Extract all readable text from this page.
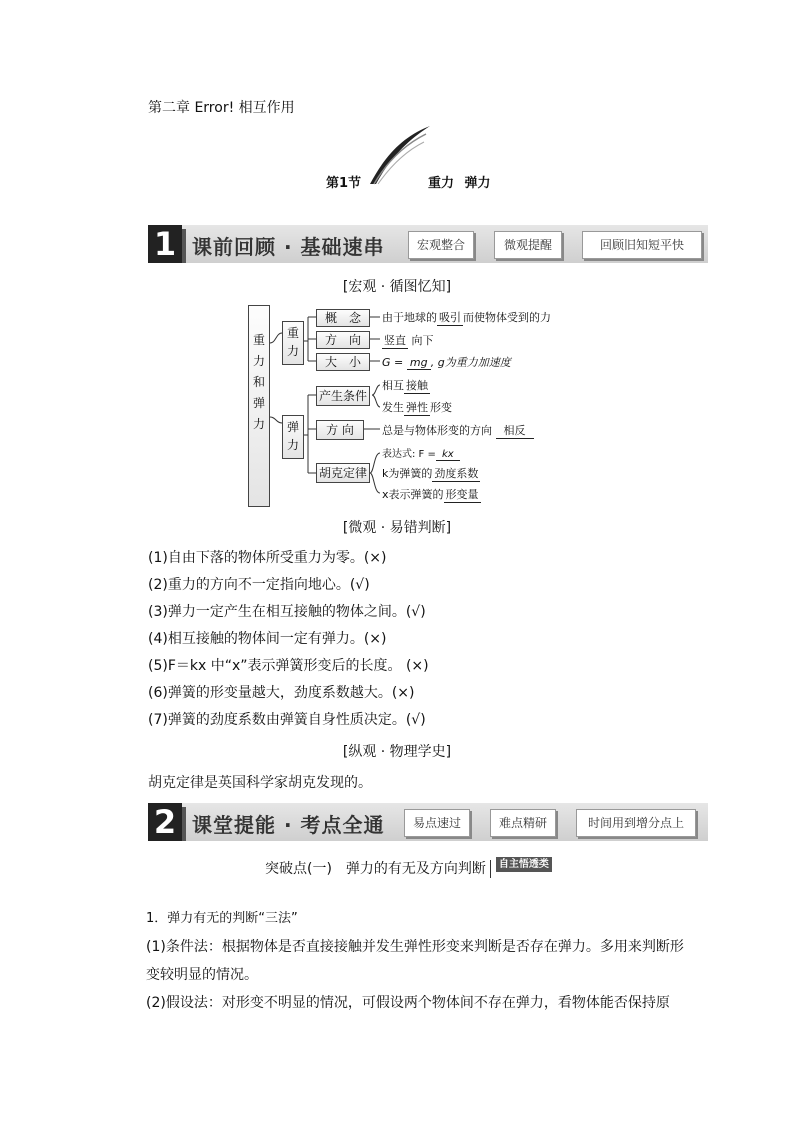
第二章 Error! 相互作用
第1节	重力 弹力
1 课前回顾 · 基础速串	宏观整合	微观提醒	回顾旧知短平快
[宏观 · 循图忆知]
重
力
和
弹
力
重
力
概　念
方　向
大　小
由于地球的 吸引 而使物体受到的力
竖直 向下
G = mg , g为重力加速度
弹
力
产生条件
方 向
胡克定律
相互 接触
发生 弹性 形变
总是与物体形变的方向 相反
表达式: F = kx
k为弹簧的 劲度系数
x表示弹簧的 形变量
[微观 · 易错判断]
(1)自由下落的物体所受重力为零。(×)
(2)重力的方向不一定指向地心。(√)
(3)弹力一定产生在相互接触的物体之间。(√)
(4)相互接触的物体间一定有弹力。(×)
(5)F＝kx 中“x”表示弹簧形变后的长度。 (×)
(6)弹簧的形变量越大，劲度系数越大。(×)
(7)弹簧的劲度系数由弹簧自身性质决定。(√)
[纵观 · 物理学史]
胡克定律是英国科学家胡克发现的。
2 课堂提能 · 考点全通	易点速过	难点精研	时间用到增分点上
突破点(一)　弹力的有无及方向判断 $^{自主悟透类}$
1．弹力有无的判断“三法”
(1)条件法：根据物体是否直接接触并发生弹性形变来判断是否存在弹力。多用来判断形变较明显的情况。
(2)假设法：对形变不明显的情况，可假设两个物体间不存在弹力，看物体能否保持原
